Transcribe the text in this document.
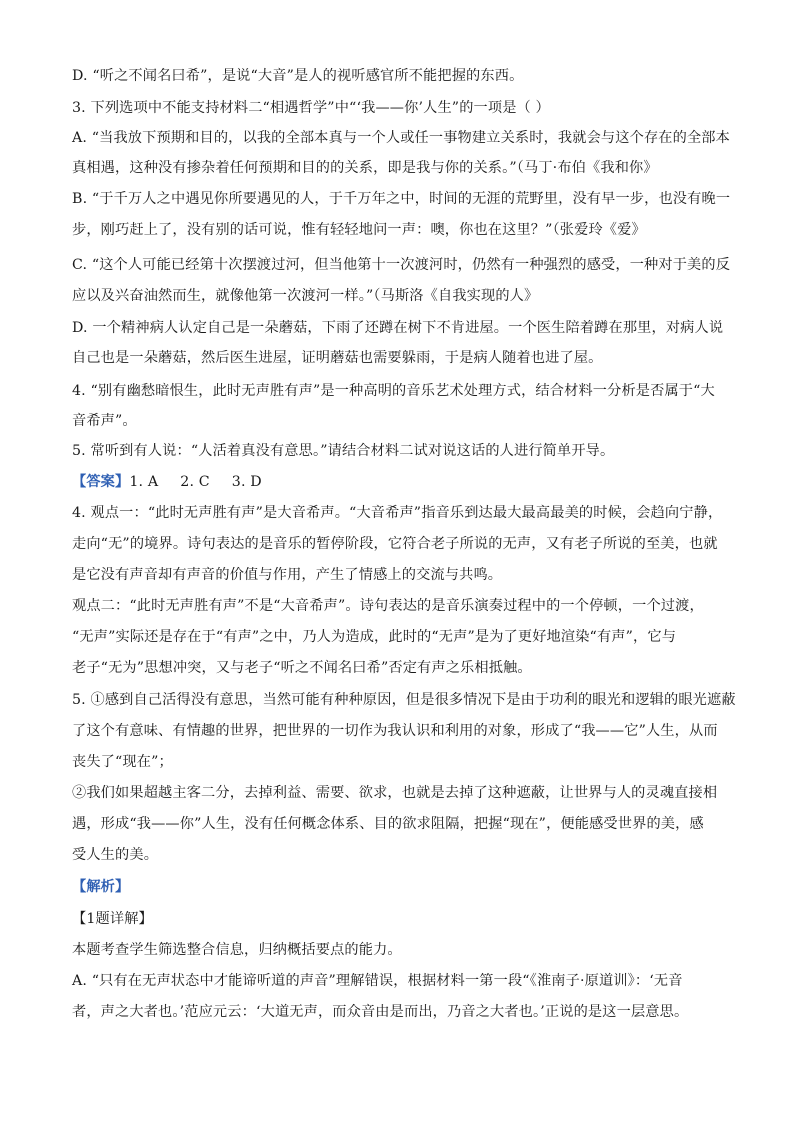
D. “听之不闻名曰希”，是说“大音”是人的视听感官所不能把握的东西。
3. 下列选项中不能支持材料二“相遇哲学”中“‘我——你’人生”的一项是（ ）
A. “当我放下预期和目的，以我的全部本真与一个人或任一事物建立关系时，我就会与这个存在的全部本
真相遇，这种没有掺杂着任何预期和目的的关系，即是我与你的关系。”（马丁·布伯《我和你》
B. “于千万人之中遇见你所要遇见的人，于千万年之中，时间的无涯的荒野里，没有早一步，也没有晚一
步，刚巧赶上了，没有别的话可说，惟有轻轻地问一声：噢，你也在这里？”（张爱玲《爱》
C. “这个人可能已经第十次摆渡过河，但当他第十一次渡河时，仍然有一种强烈的感受，一种对于美的反
应以及兴奋油然而生，就像他第一次渡河一样。”（马斯洛《自我实现的人》
D. 一个精神病人认定自己是一朵蘑菇，下雨了还蹲在树下不肯进屋。一个医生陪着蹲在那里，对病人说
自己也是一朵蘑菇，然后医生进屋，证明蘑菇也需要躲雨，于是病人随着也进了屋。
4. “别有幽愁暗恨生，此时无声胜有声”是一种高明的音乐艺术处理方式，结合材料一分析是否属于“大
音希声”。
5. 常听到有人说：“人活着真没有意思。”请结合材料二试对说这话的人进行简单开导。
【答案】1. A 2. C 3. D
4. 观点一：“此时无声胜有声”是大音希声。“大音希声”指音乐到达最大最高最美的时候，会趋向宁静，
走向“无”的境界。诗句表达的是音乐的暂停阶段，它符合老子所说的无声，又有老子所说的至美，也就
是它没有声音却有声音的价值与作用，产生了情感上的交流与共鸣。
观点二：“此时无声胜有声”不是“大音希声”。诗句表达的是音乐演奏过程中的一个停顿，一个过渡，
“无声”实际还是存在于“有声”之中，乃人为造成，此时的“无声”是为了更好地渲染“有声”，它与
老子“无为”思想冲突，又与老子“听之不闻名曰希”否定有声之乐相抵触。
5. ①感到自己活得没有意思，当然可能有种种原因，但是很多情况下是由于功利的眼光和逻辑的眼光遮蔽
了这个有意味、有情趣的世界，把世界的一切作为我认识和利用的对象，形成了“我——它”人生，从而
丧失了“现在”；
②我们如果超越主客二分，去掉利益、需要、欲求，也就是去掉了这种遮蔽，让世界与人的灵魂直接相
遇，形成“我——你”人生，没有任何概念体系、目的欲求阻隔，把握“现在”，便能感受世界的美，感
受人生的美。
【解析】
【1题详解】
本题考查学生筛选整合信息，归纳概括要点的能力。
A. “只有在无声状态中才能谛听道的声音”理解错误，根据材料一第一段“《淮南子·原道训》：‘无音
者，声之大者也。’范应元云：‘大道无声，而众音由是而出，乃音之大者也。’正说的是这一层意思。
